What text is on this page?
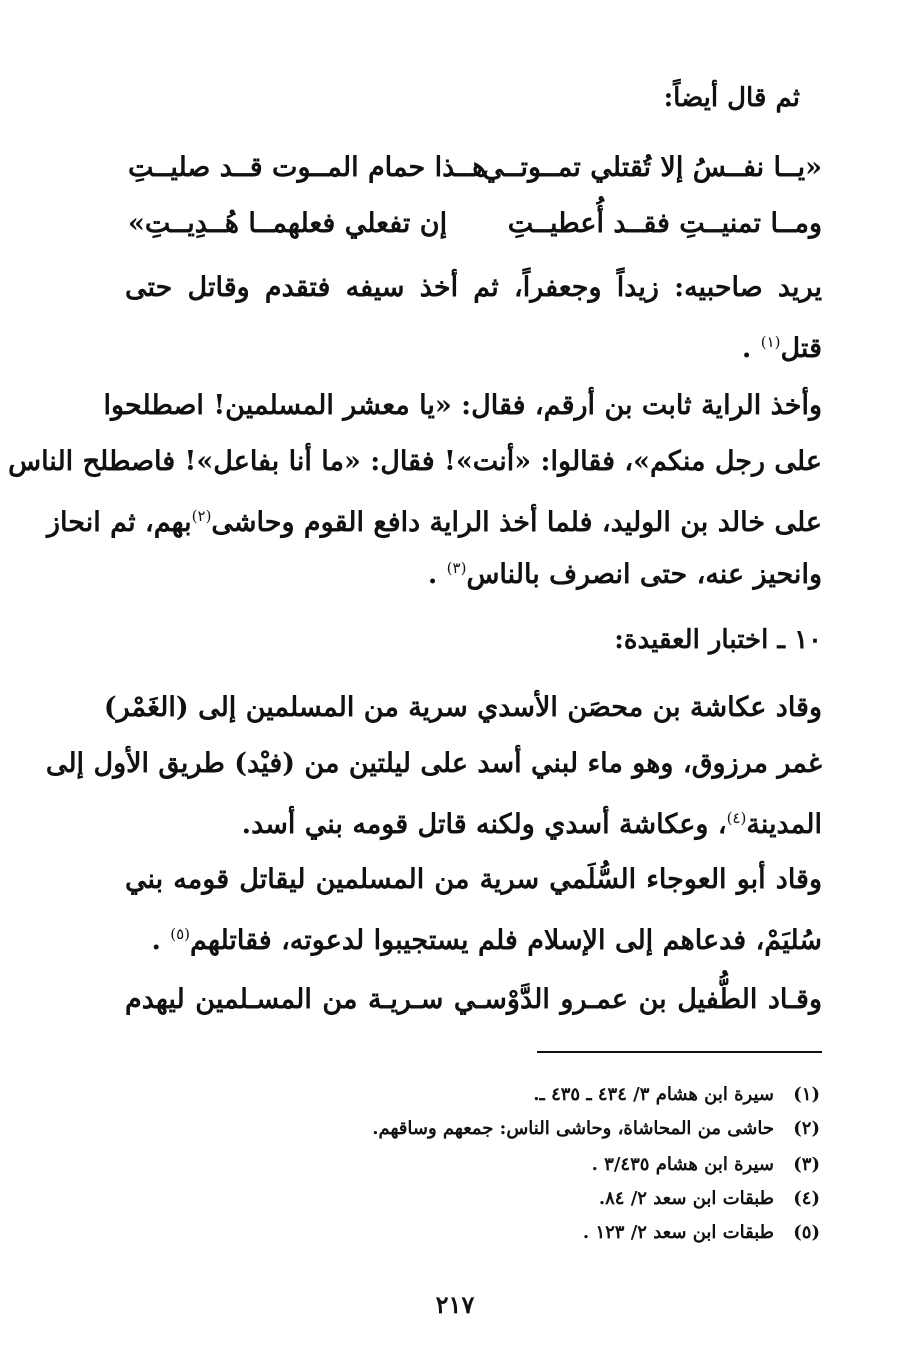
ثم قال أيضاً:
«يــا نفــسُ إلا تُقتلي تمــوتــي
هــذا حمام المــوت قــد صليــتِ
ومــا تمنيــتِ فقــد أُعطيــتِ
إن تفعلي فعلهمــا هُــدِيــتِ»
يريد صاحبيه: زيداً وجعفراً، ثم أخذ سيفه فتقدم وقاتل حتى
قتل$^{(١)}$ .
وأخذ الراية ثابت بن أرقم، فقال: «يا معشر المسلمين! اصطلحوا
على رجل منكم»، فقالوا: «أنت»! فقال: «ما أنا بفاعل»! فاصطلح الناس
على خالد بن الوليد، فلما أخذ الراية دافع القوم وحاشى$^{(٢)}$بهم، ثم انحاز
وانحيز عنه، حتى انصرف بالناس$^{(٣)}$ .
١٠ ـ اختبار العقيدة:
وقاد عكاشة بن محصَن الأسدي سرية من المسلمين إلى (الغَمْر)
غمر مرزوق، وهو ماء لبني أسد على ليلتين من (فيْد) طريق الأول إلى
المدينة$^{(٤)}$، وعكاشة أسدي ولكنه قاتل قومه بني أسد.
وقاد أبو العوجاء السُّلَمي سرية من المسلمين ليقاتل قومه بني
سُليَمْ، فدعاهم إلى الإسلام فلم يستجيبوا لدعوته، فقاتلهم$^{(٥)}$ .
وقـاد الطُّفيل بن عمـرو الدَّوْسـي سـريـة من المسـلمين ليهدم
(١)سيرة ابن هشام ٣/ ٤٣٤ ـ ٤٣٥ ـ.
(٢)حاشى من المحاشاة، وحاشى الناس: جمعهم وساقهم.
(٣)سيرة ابن هشام ٣/٤٣٥ .
(٤)طبقات ابن سعد ٢/ ٨٤.
(٥)طبقات ابن سعد ٢/ ١٢٣ .
٢١٧
